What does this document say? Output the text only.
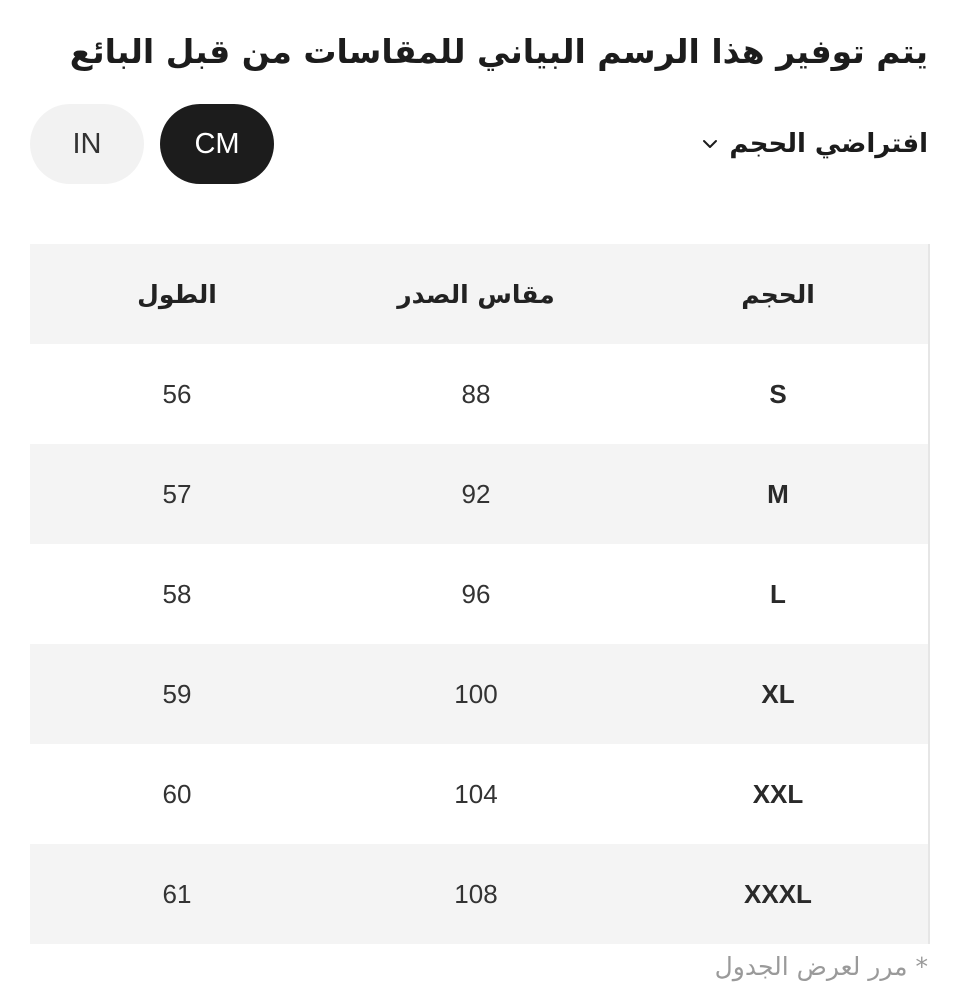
يتم توفير هذا الرسم البياني للمقاسات من قبل البائع
IN	CM	افتراضي الحجم
الحجم
مقاس الصدر
الطول
S
88
56
M
92
57
L
96
58
XL
100
59
XXL
104
60
XXXL
108
61
* مرر لعرض الجدول
